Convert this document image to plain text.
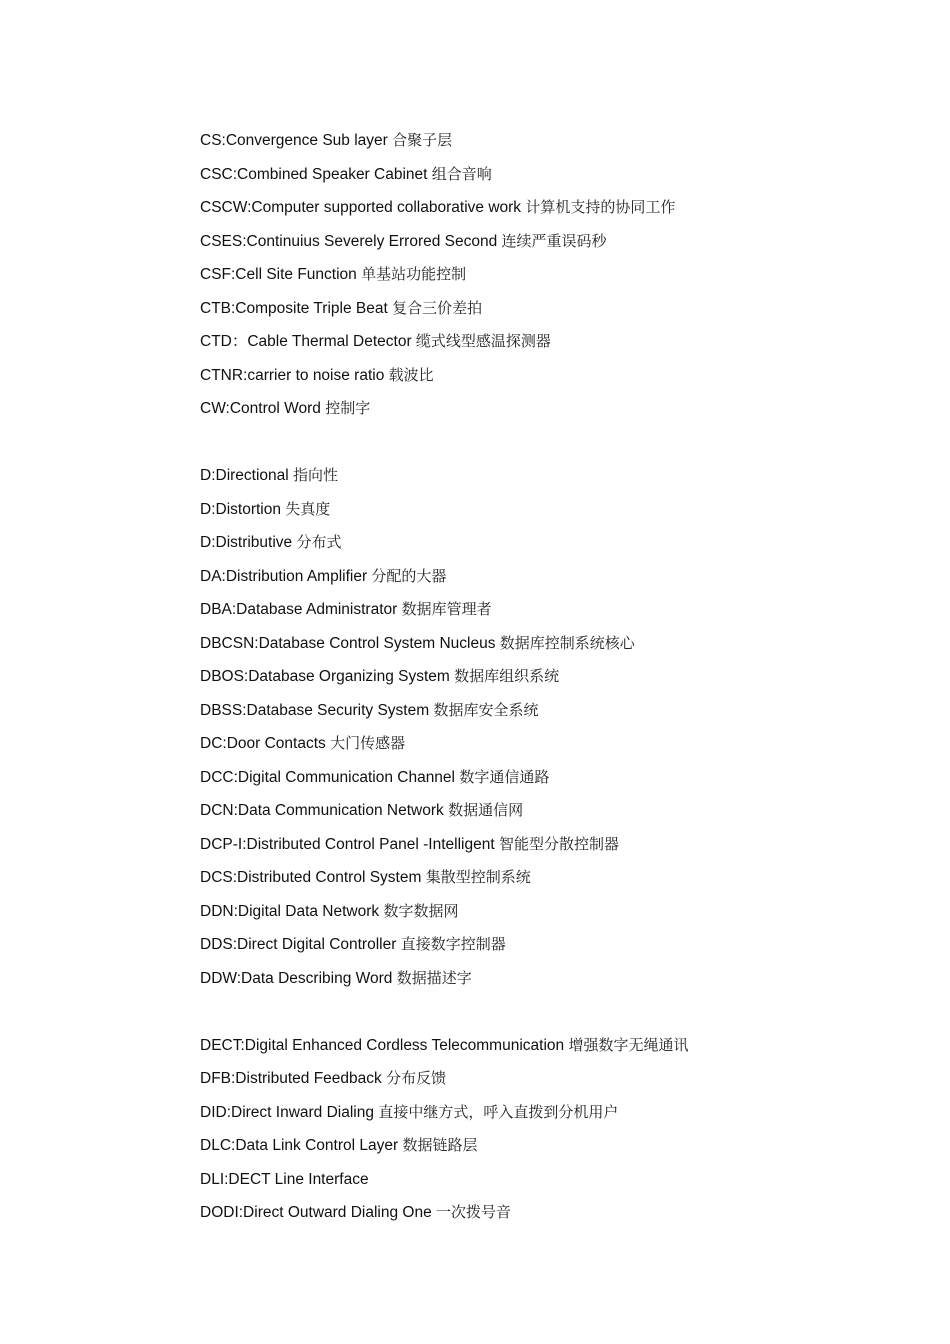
CS:Convergence Sub layer 合聚子层
CSC:Combined Speaker Cabinet 组合音响
CSCW:Computer supported collaborative work 计算机支持的协同工作
CSES:Continuius Severely Errored Second 连续严重误码秒
CSF:Cell Site Function 单基站功能控制
CTB:Composite Triple Beat 复合三价差拍
CTD：Cable Thermal Detector 缆式线型感温探测器
CTNR:carrier to noise ratio 载波比
CW:Control Word 控制字
D:Directional 指向性
D:Distortion 失真度
D:Distributive 分布式
DA:Distribution Amplifier 分配的大器
DBA:Database Administrator 数据库管理者
DBCSN:Database Control System Nucleus 数据库控制系统核心
DBOS:Database Organizing System 数据库组织系统
DBSS:Database Security System 数据库安全系统
DC:Door Contacts 大门传感器
DCC:Digital Communication Channel 数字通信通路
DCN:Data Communication Network 数据通信网
DCP-I:Distributed Control Panel -Intelligent 智能型分散控制器
DCS:Distributed Control System 集散型控制系统
DDN:Digital Data Network 数字数据网
DDS:Direct Digital Controller 直接数字控制器
DDW:Data Describing Word 数据描述字
DECT:Digital Enhanced Cordless Telecommunication 增强数字无绳通讯
DFB:Distributed Feedback 分布反馈
DID:Direct Inward Dialing 直接中继方式，呼入直拨到分机用户
DLC:Data Link Control Layer 数据链路层
DLI:DECT Line Interface
DODI:Direct Outward Dialing One 一次拨号音
